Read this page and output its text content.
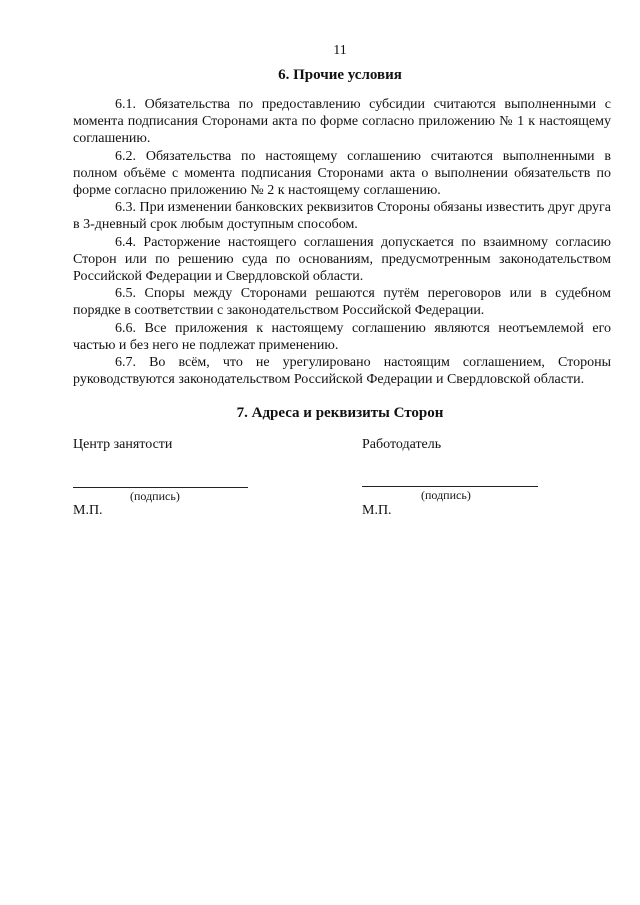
11
6. Прочие условия

6.1. Обязательства по предоставлению субсидии считаются выполненными с момента подписания Сторонами акта по форме согласно приложению № 1 к настоящему соглашению.

6.2. Обязательства по настоящему соглашению считаются выполненными в полном объёме с момента подписания Сторонами акта о выполнении обязательств по форме согласно приложению № 2 к настоящему соглашению.

6.3. При изменении банковских реквизитов Стороны обязаны известить друг друга в 3-дневный срок любым доступным способом.

6.4. Расторжение настоящего соглашения допускается по взаимному согласию Сторон или по решению суда по основаниям, предусмотренным законодательством Российской Федерации и Свердловской области.

6.5. Споры между Сторонами решаются путём переговоров или в судебном порядке в соответствии с законодательством Российской Федерации.

6.6. Все приложения к настоящему соглашению являются неотъемлемой его частью и без него не подлежат применению.

6.7. Во всём, что не урегулировано настоящим соглашением, Стороны руководствуются законодательством Российской Федерации и Свердловской области.

7. Адреса и реквизиты Сторон
Центр занятости	Работодатель
(подпись)	(подпись)
М.П.	М.П.
